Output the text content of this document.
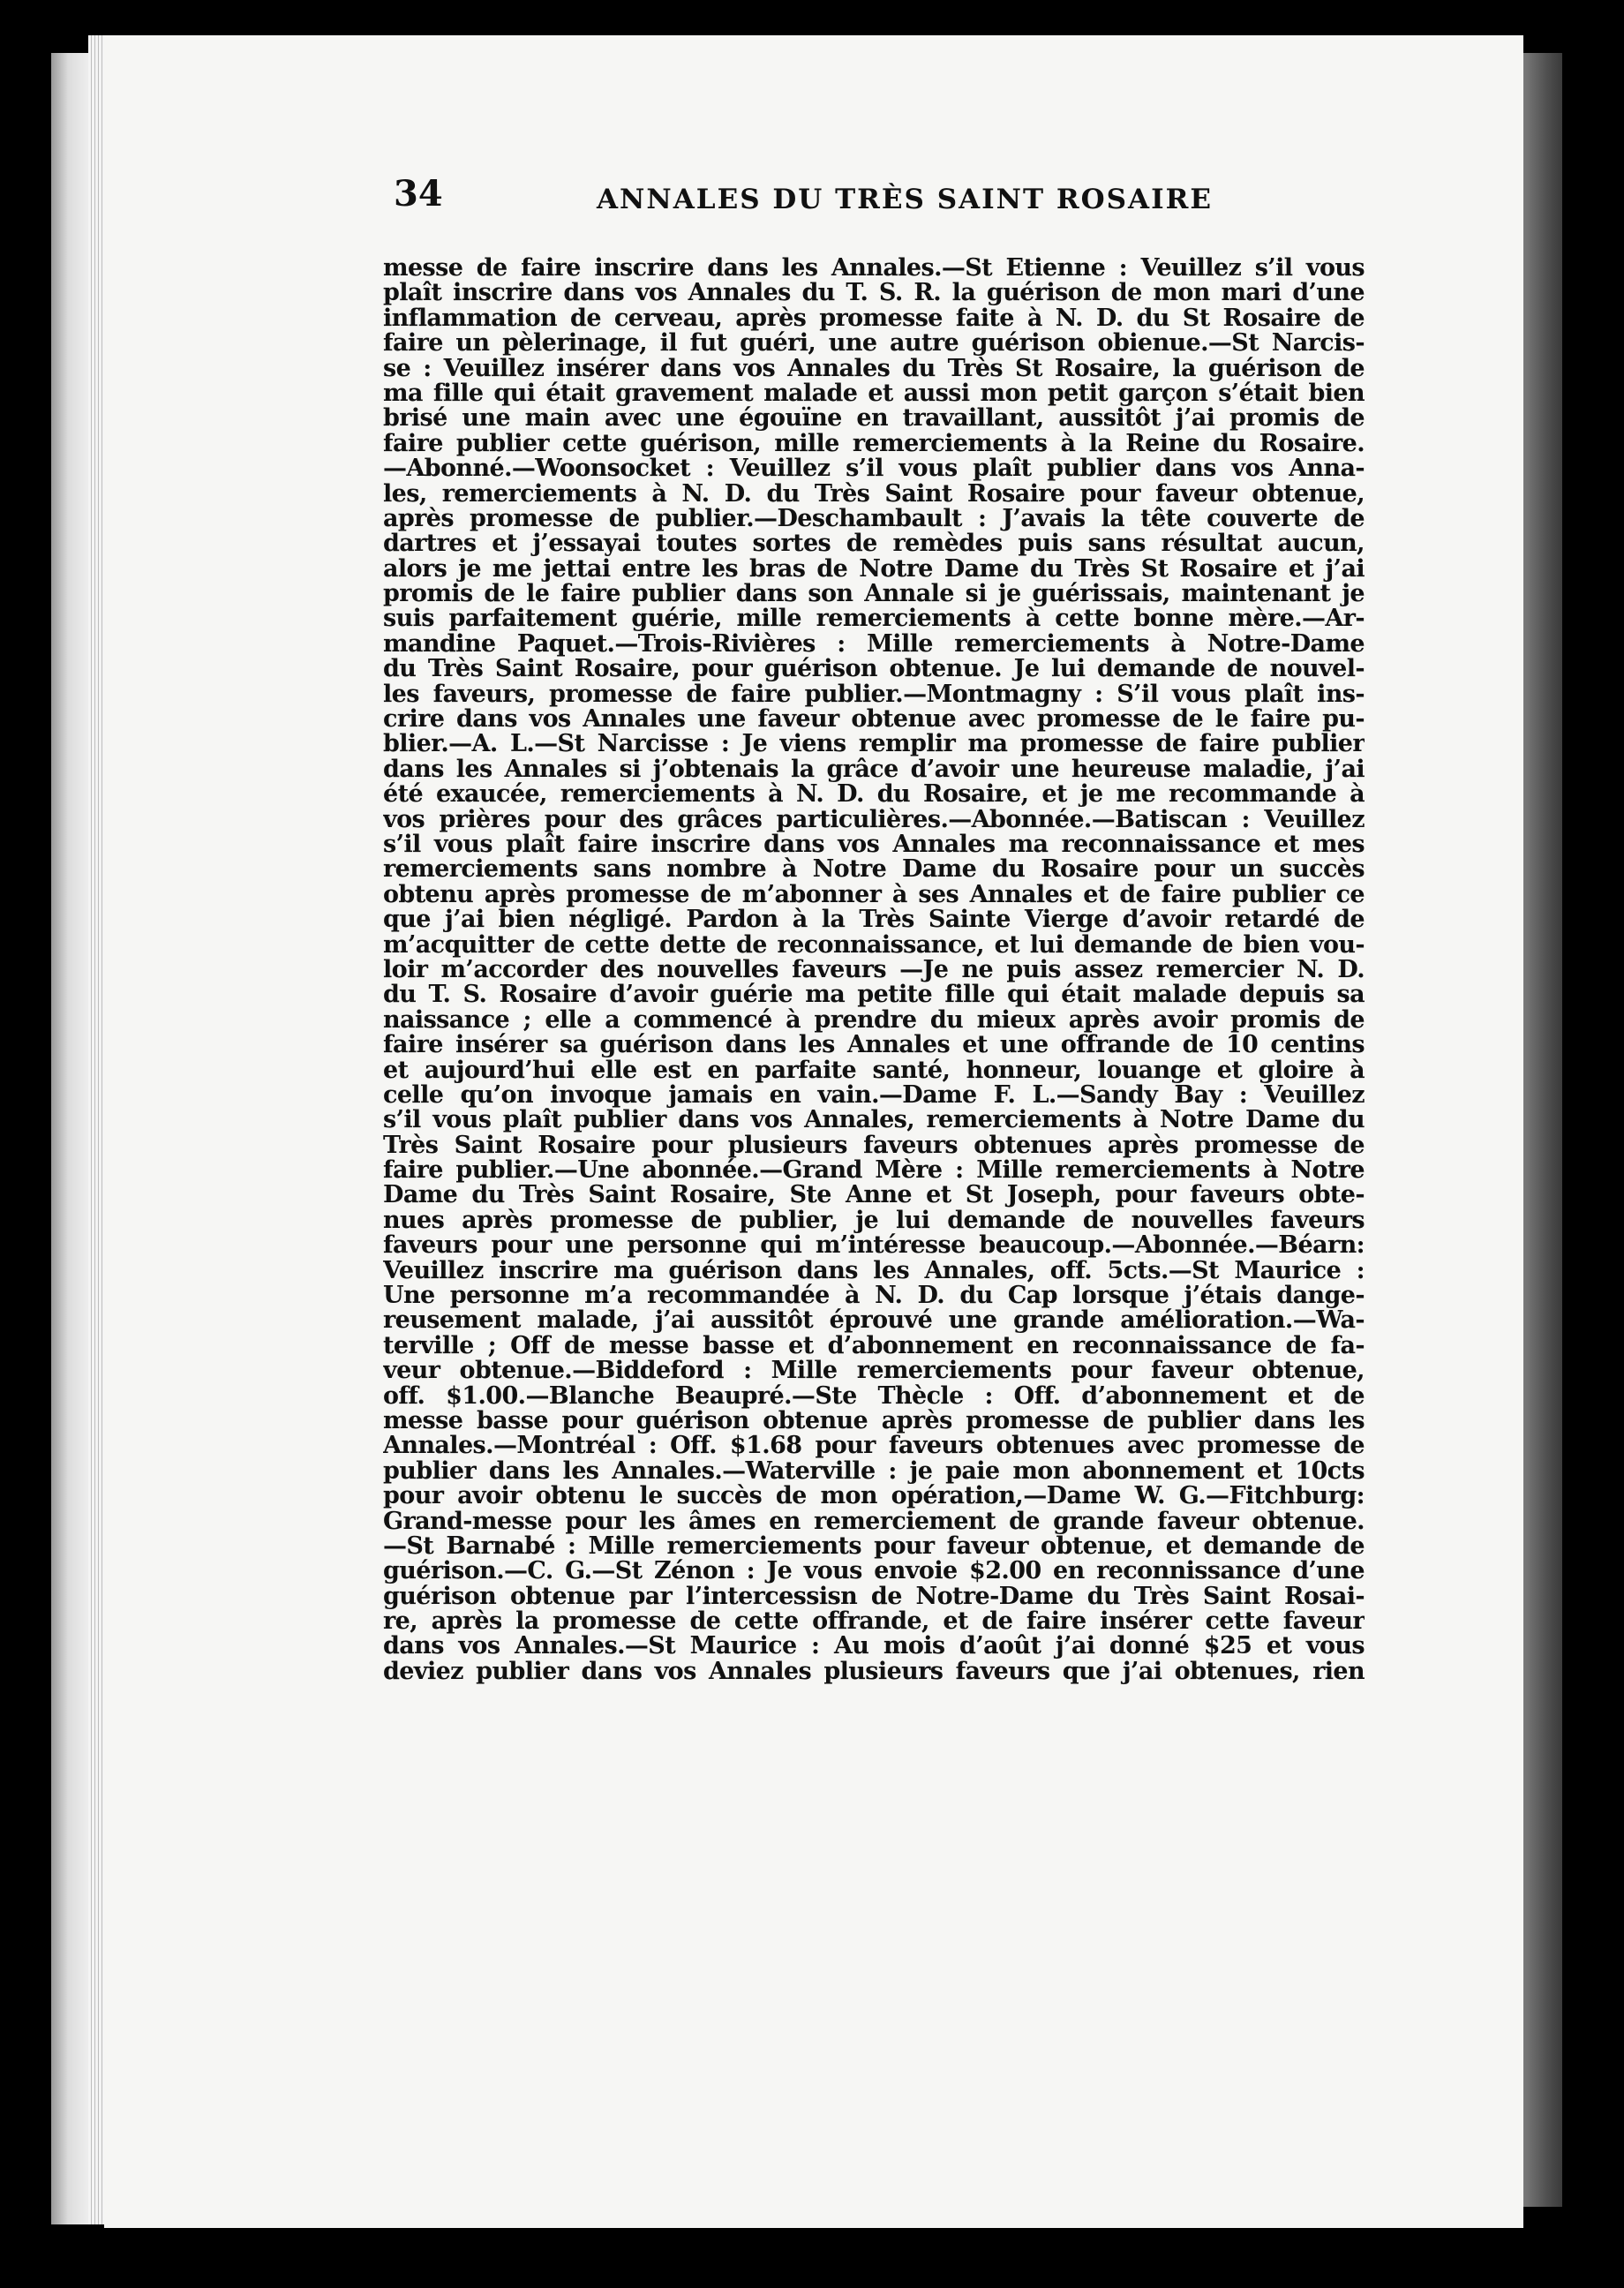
34	ANNALES DU TRÈS SAINT ROSAIRE
messe de faire inscrire dans les Annales.—St Etienne : Veuillez s’il vous
plaît inscrire dans vos Annales du T. S. R. la guérison de mon mari d’une
inflammation de cerveau, après promesse faite à N. D. du St Rosaire de
faire un pèlerinage, il fut guéri, une autre guérison obienue.—St Narcis-
se : Veuillez insérer dans vos Annales du Très St Rosaire, la guérison de
ma fille qui était gravement malade et aussi mon petit garçon s’était bien
brisé une main avec une égouïne en travaillant, aussitôt j’ai promis de
faire publier cette guérison, mille remerciements à la Reine du Rosaire.
—Abonné.—Woonsocket : Veuillez s’il vous plaît publier dans vos Anna-
les, remerciements à N. D. du Très Saint Rosaire pour faveur obtenue,
après promesse de publier.—Deschambault : J’avais la tête couverte de
dartres et j’essayai toutes sortes de remèdes puis sans résultat aucun,
alors je me jettai entre les bras de Notre Dame du Très St Rosaire et j’ai
promis de le faire publier dans son Annale si je guérissais, maintenant je
suis parfaitement guérie, mille remerciements à cette bonne mère.—Ar-
mandine Paquet.—Trois-Rivières : Mille remerciements à Notre-Dame
du Très Saint Rosaire, pour guérison obtenue. Je lui demande de nouvel-
les faveurs, promesse de faire publier.—Montmagny : S’il vous plaît ins-
crire dans vos Annales une faveur obtenue avec promesse de le faire pu-
blier.—A. L.—St Narcisse : Je viens remplir ma promesse de faire publier
dans les Annales si j’obtenais la grâce d’avoir une heureuse maladie, j’ai
été exaucée, remerciements à N. D. du Rosaire, et je me recommande à
vos prières pour des grâces particulières.—Abonnée.—Batiscan : Veuillez
s’il vous plaît faire inscrire dans vos Annales ma reconnaissance et mes
remerciements sans nombre à Notre Dame du Rosaire pour un succès
obtenu après promesse de m’abonner à ses Annales et de faire publier ce
que j’ai bien négligé. Pardon à la Très Sainte Vierge d’avoir retardé de
m’acquitter de cette dette de reconnaissance, et lui demande de bien vou-
loir m’accorder des nouvelles faveurs —Je ne puis assez remercier N. D.
du T. S. Rosaire d’avoir guérie ma petite fille qui était malade depuis sa
naissance ; elle a commencé à prendre du mieux après avoir promis de
faire insérer sa guérison dans les Annales et une offrande de 10 centins
et aujourd’hui elle est en parfaite santé, honneur, louange et gloire à
celle qu’on invoque jamais en vain.—Dame F. L.—Sandy Bay : Veuillez
s’il vous plaît publier dans vos Annales, remerciements à Notre Dame du
Très Saint Rosaire pour plusieurs faveurs obtenues après promesse de
faire publier.—Une abonnée.—Grand Mère : Mille remerciements à Notre
Dame du Très Saint Rosaire, Ste Anne et St Joseph, pour faveurs obte-
nues après promesse de publier, je lui demande de nouvelles faveurs
faveurs pour une personne qui m’intéresse beaucoup.—Abonnée.—Béarn:
Veuillez inscrire ma guérison dans les Annales, off. 5cts.—St Maurice :
Une personne m’a recommandée à N. D. du Cap lorsque j’étais dange-
reusement malade, j’ai aussitôt éprouvé une grande amélioration.—Wa-
terville ; Off de messe basse et d’abonnement en reconnaissance de fa-
veur obtenue.—Biddeford : Mille remerciements pour faveur obtenue,
off. $1.00.—Blanche Beaupré.—Ste Thècle : Off. d’abonnement et de
messe basse pour guérison obtenue après promesse de publier dans les
Annales.—Montréal : Off. $1.68 pour faveurs obtenues avec promesse de
publier dans les Annales.—Waterville : je paie mon abonnement et 10cts
pour avoir obtenu le succès de mon opération,—Dame W. G.—Fitchburg:
Grand-messe pour les âmes en remerciement de grande faveur obtenue.
—St Barnabé : Mille remerciements pour faveur obtenue, et demande de
guérison.—C. G.—St Zénon : Je vous envoie $2.00 en reconnissance d’une
guérison obtenue par l’intercessisn de Notre-Dame du Très Saint Rosai-
re, après la promesse de cette offrande, et de faire insérer cette faveur
dans vos Annales.—St Maurice : Au mois d’août j’ai donné $25 et vous
deviez publier dans vos Annales plusieurs faveurs que j’ai obtenues, rien
